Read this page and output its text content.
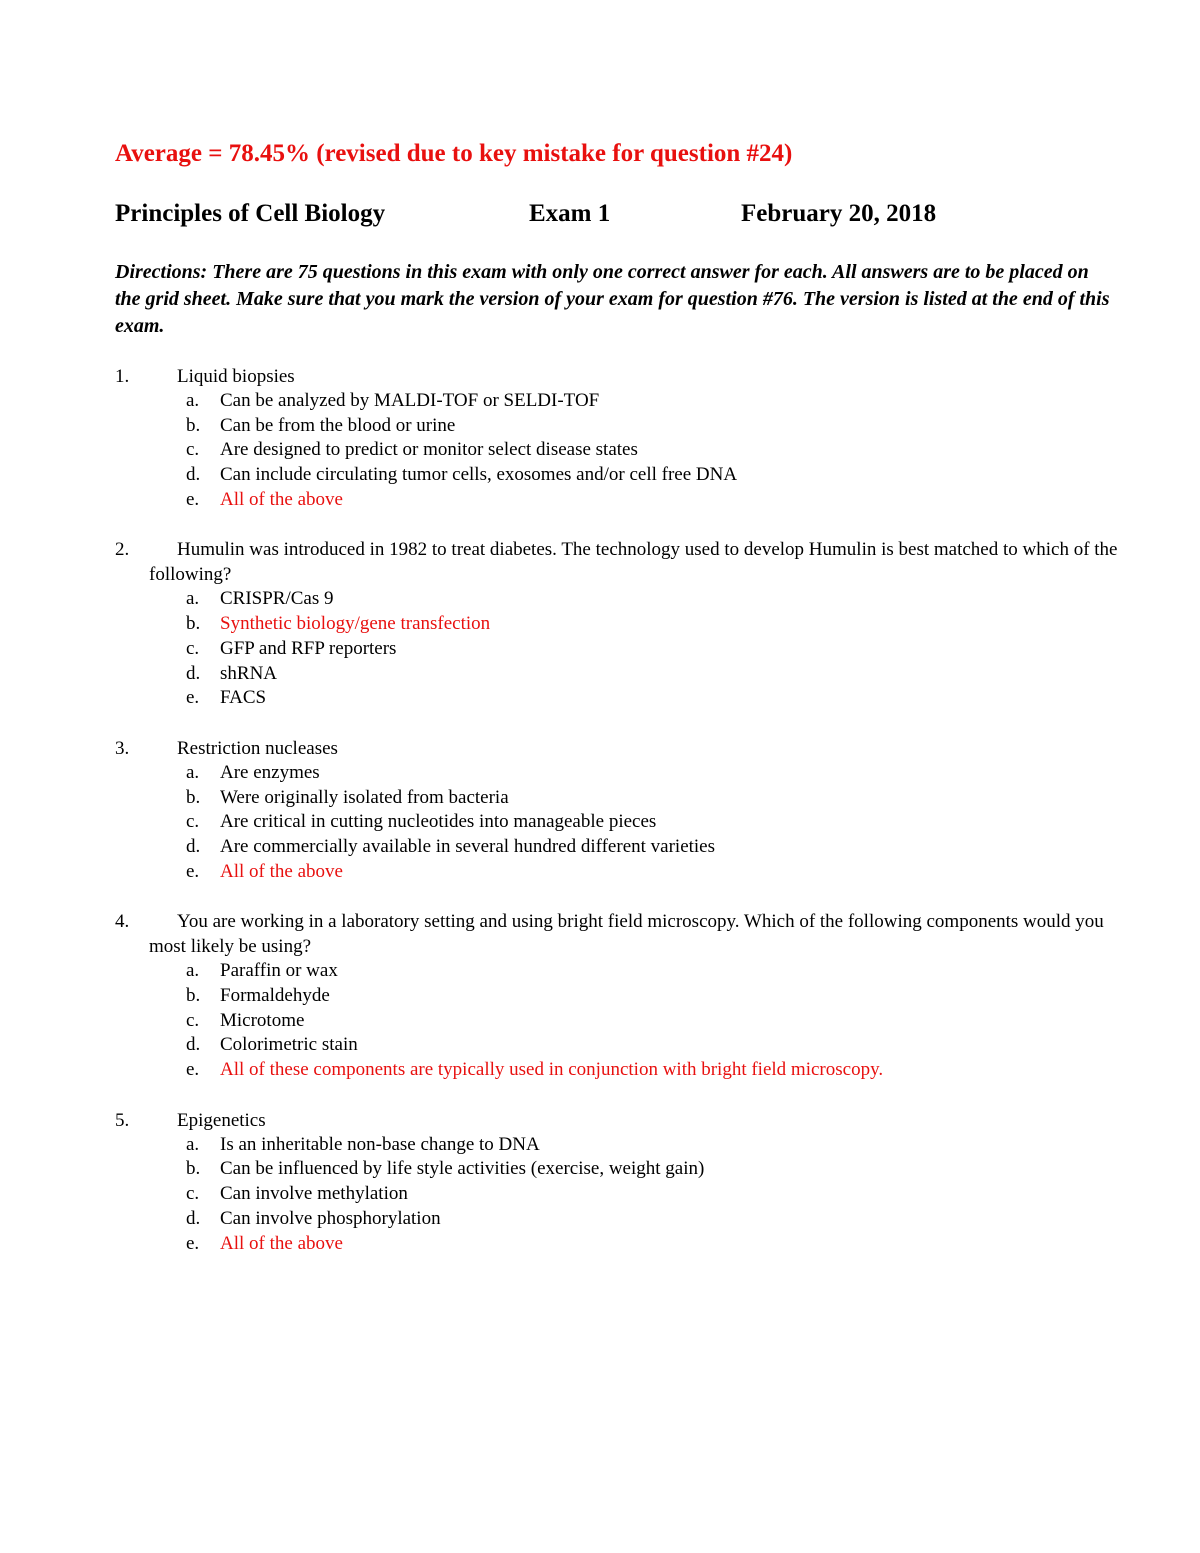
Average = 78.45% (revised due to key mistake for question #24)
Principles of Cell Biology	Exam 1	February 20, 2018
Directions: There are 75 questions in this exam with only one correct answer for each. All answers are to be placed on the grid sheet. Make sure that you mark the version of your exam for question #76. The version is listed at the end of this exam.
1.	Liquid biopsies
a. Can be analyzed by MALDI-TOF or SELDI-TOF
b. Can be from the blood or urine
c. Are designed to predict or monitor select disease states
d. Can include circulating tumor cells, exosomes and/or cell free DNA
e. All of the above
2.	Humulin was introduced in 1982 to treat diabetes. The technology used to develop Humulin is best matched to which of the following?
a. CRISPR/Cas 9
b. Synthetic biology/gene transfection
c. GFP and RFP reporters
d. shRNA
e. FACS
3.	Restriction nucleases
a. Are enzymes
b. Were originally isolated from bacteria
c. Are critical in cutting nucleotides into manageable pieces
d. Are commercially available in several hundred different varieties
e. All of the above
4.	You are working in a laboratory setting and using bright field microscopy. Which of the following components would you most likely be using?
a. Paraffin or wax
b. Formaldehyde
c. Microtome
d. Colorimetric stain
e. All of these components are typically used in conjunction with bright field microscopy.
5.	Epigenetics
a. Is an inheritable non-base change to DNA
b. Can be influenced by life style activities (exercise, weight gain)
c. Can involve methylation
d. Can involve phosphorylation
e. All of the above
